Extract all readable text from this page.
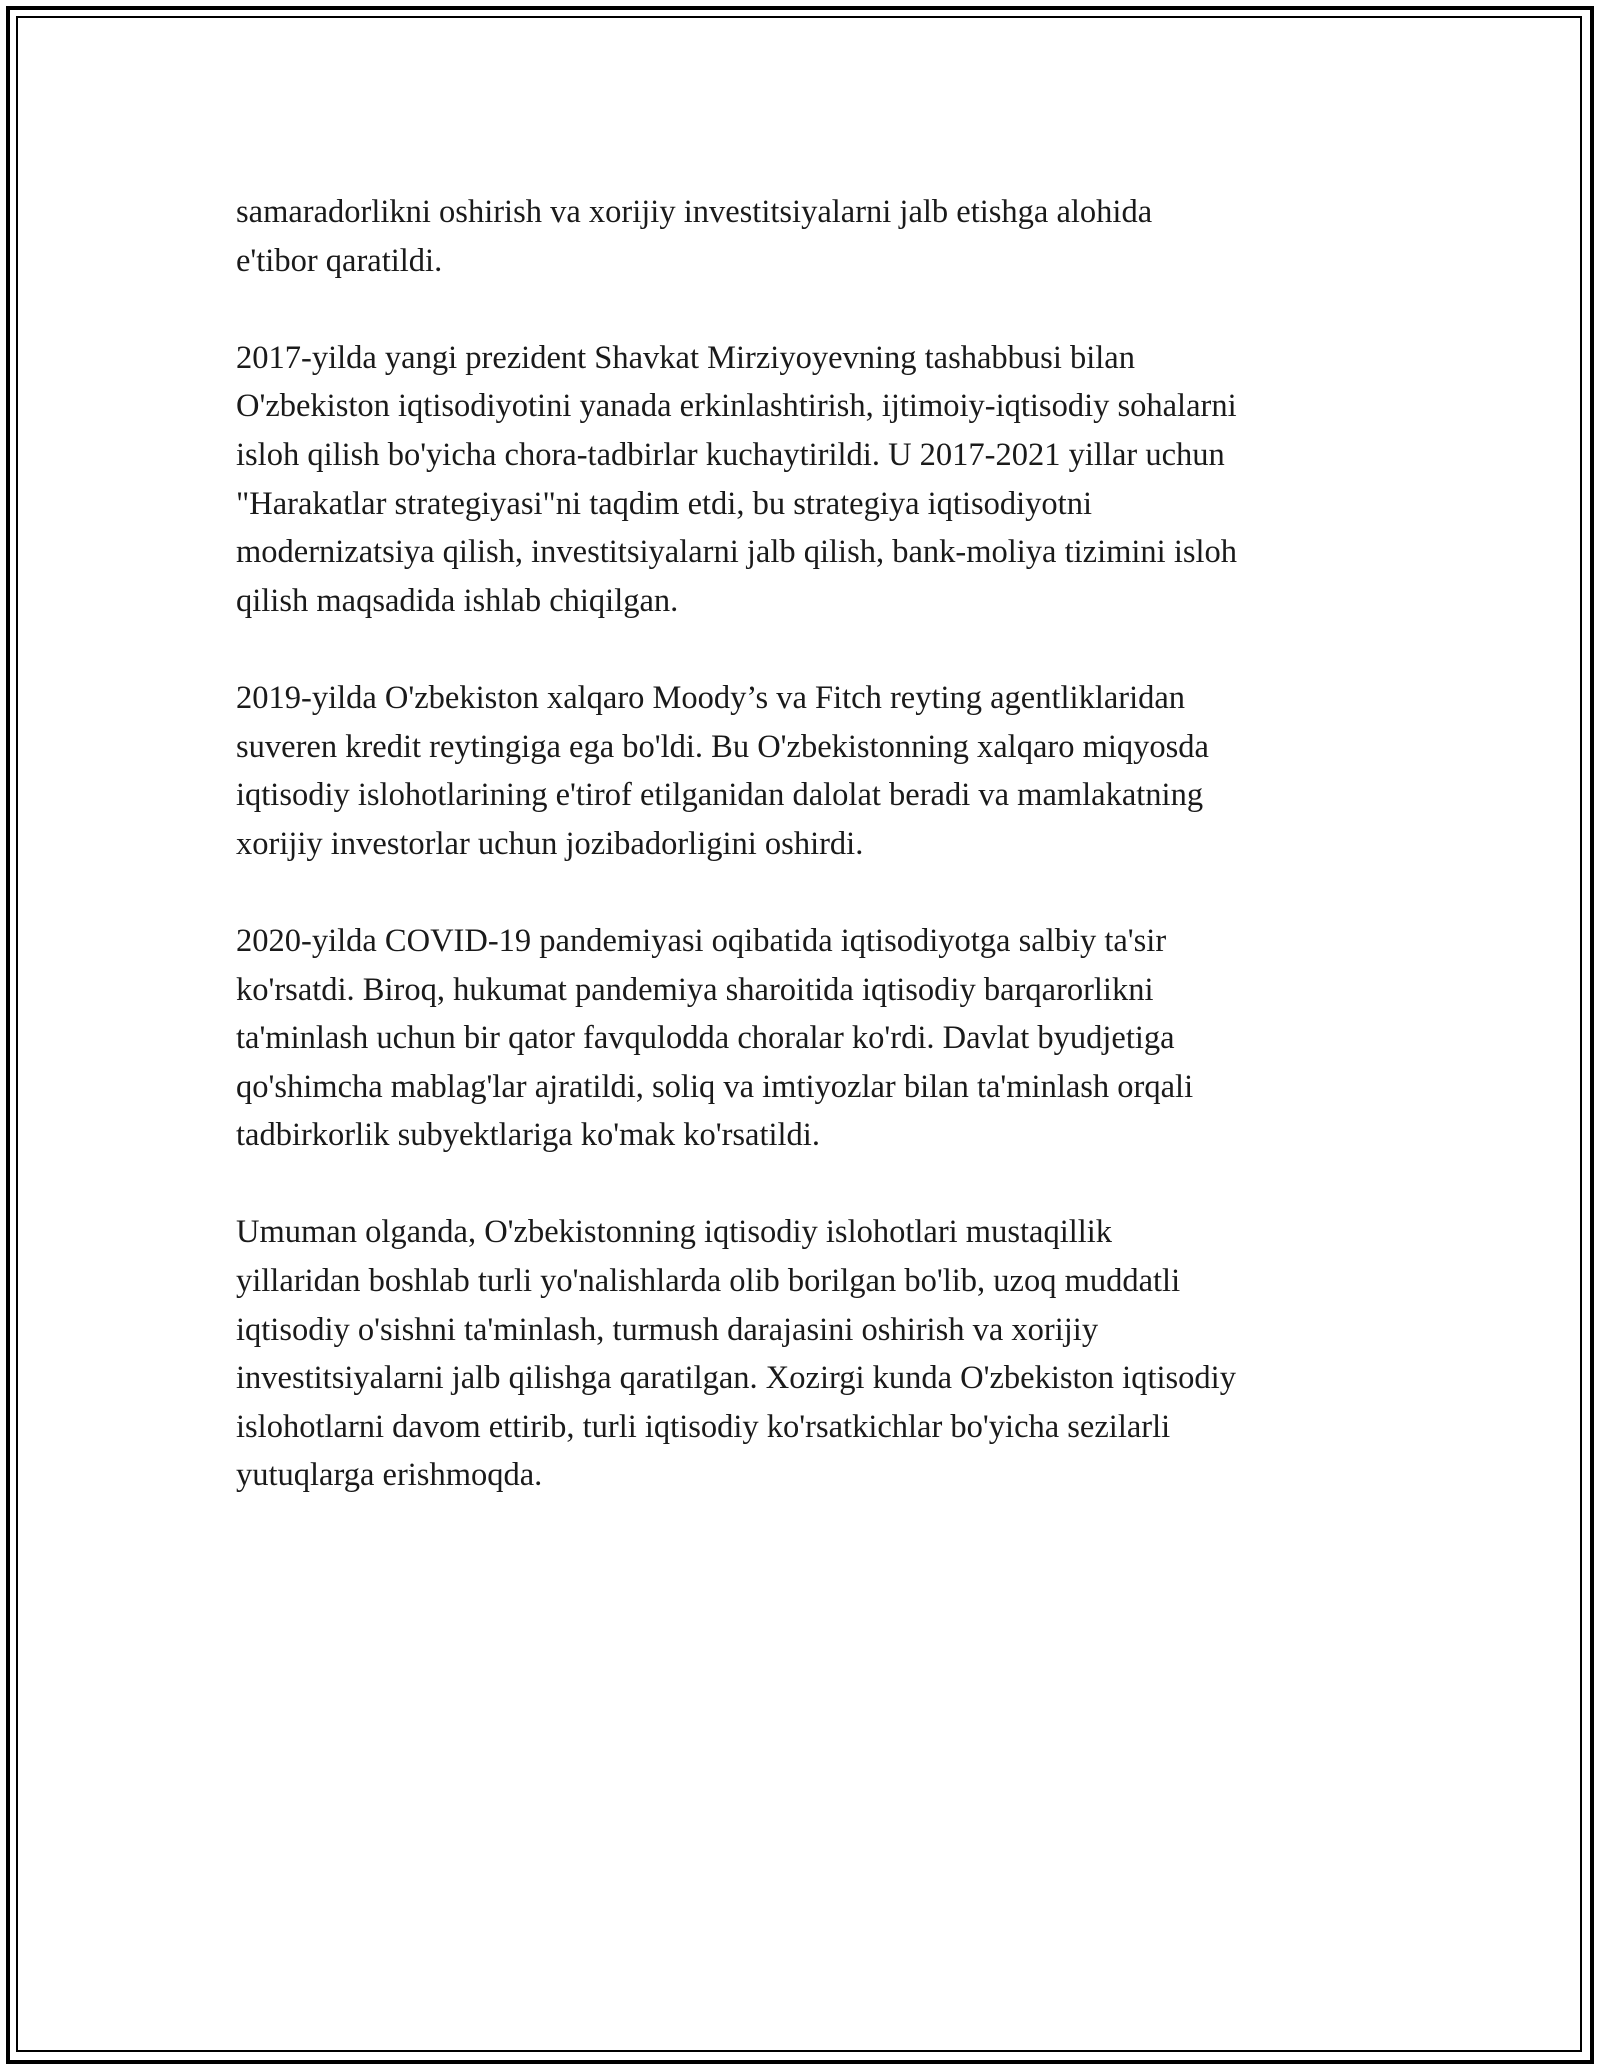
samaradorlikni oshirish va xorijiy investitsiyalarni jalb etishga alohida
e'tibor qaratildi.

2017-yilda yangi prezident Shavkat Mirziyoyevning tashabbusi bilan
O'zbekiston iqtisodiyotini yanada erkinlashtirish, ijtimoiy-iqtisodiy sohalarni
isloh qilish bo'yicha chora-tadbirlar kuchaytirildi. U 2017-2021 yillar uchun
"Harakatlar strategiyasi"ni taqdim etdi, bu strategiya iqtisodiyotni
modernizatsiya qilish, investitsiyalarni jalb qilish, bank-moliya tizimini isloh
qilish maqsadida ishlab chiqilgan.

2019-yilda O'zbekiston xalqaro Moody’s va Fitch reyting agentliklaridan
suveren kredit reytingiga ega bo'ldi. Bu O'zbekistonning xalqaro miqyosda
iqtisodiy islohotlarining e'tirof etilganidan dalolat beradi va mamlakatning
xorijiy investorlar uchun jozibadorligini oshirdi.

2020-yilda COVID-19 pandemiyasi oqibatida iqtisodiyotga salbiy ta'sir
ko'rsatdi. Biroq, hukumat pandemiya sharoitida iqtisodiy barqarorlikni
ta'minlash uchun bir qator favqulodda choralar ko'rdi. Davlat byudjetiga
qo'shimcha mablag'lar ajratildi, soliq va imtiyozlar bilan ta'minlash orqali
tadbirkorlik subyektlariga ko'mak ko'rsatildi.

Umuman olganda, O'zbekistonning iqtisodiy islohotlari mustaqillik
yillaridan boshlab turli yo'nalishlarda olib borilgan bo'lib, uzoq muddatli
iqtisodiy o'sishni ta'minlash, turmush darajasini oshirish va xorijiy
investitsiyalarni jalb qilishga qaratilgan. Xozirgi kunda O'zbekiston iqtisodiy
islohotlarni davom ettirib, turli iqtisodiy ko'rsatkichlar bo'yicha sezilarli
yutuqlarga erishmoqda.
